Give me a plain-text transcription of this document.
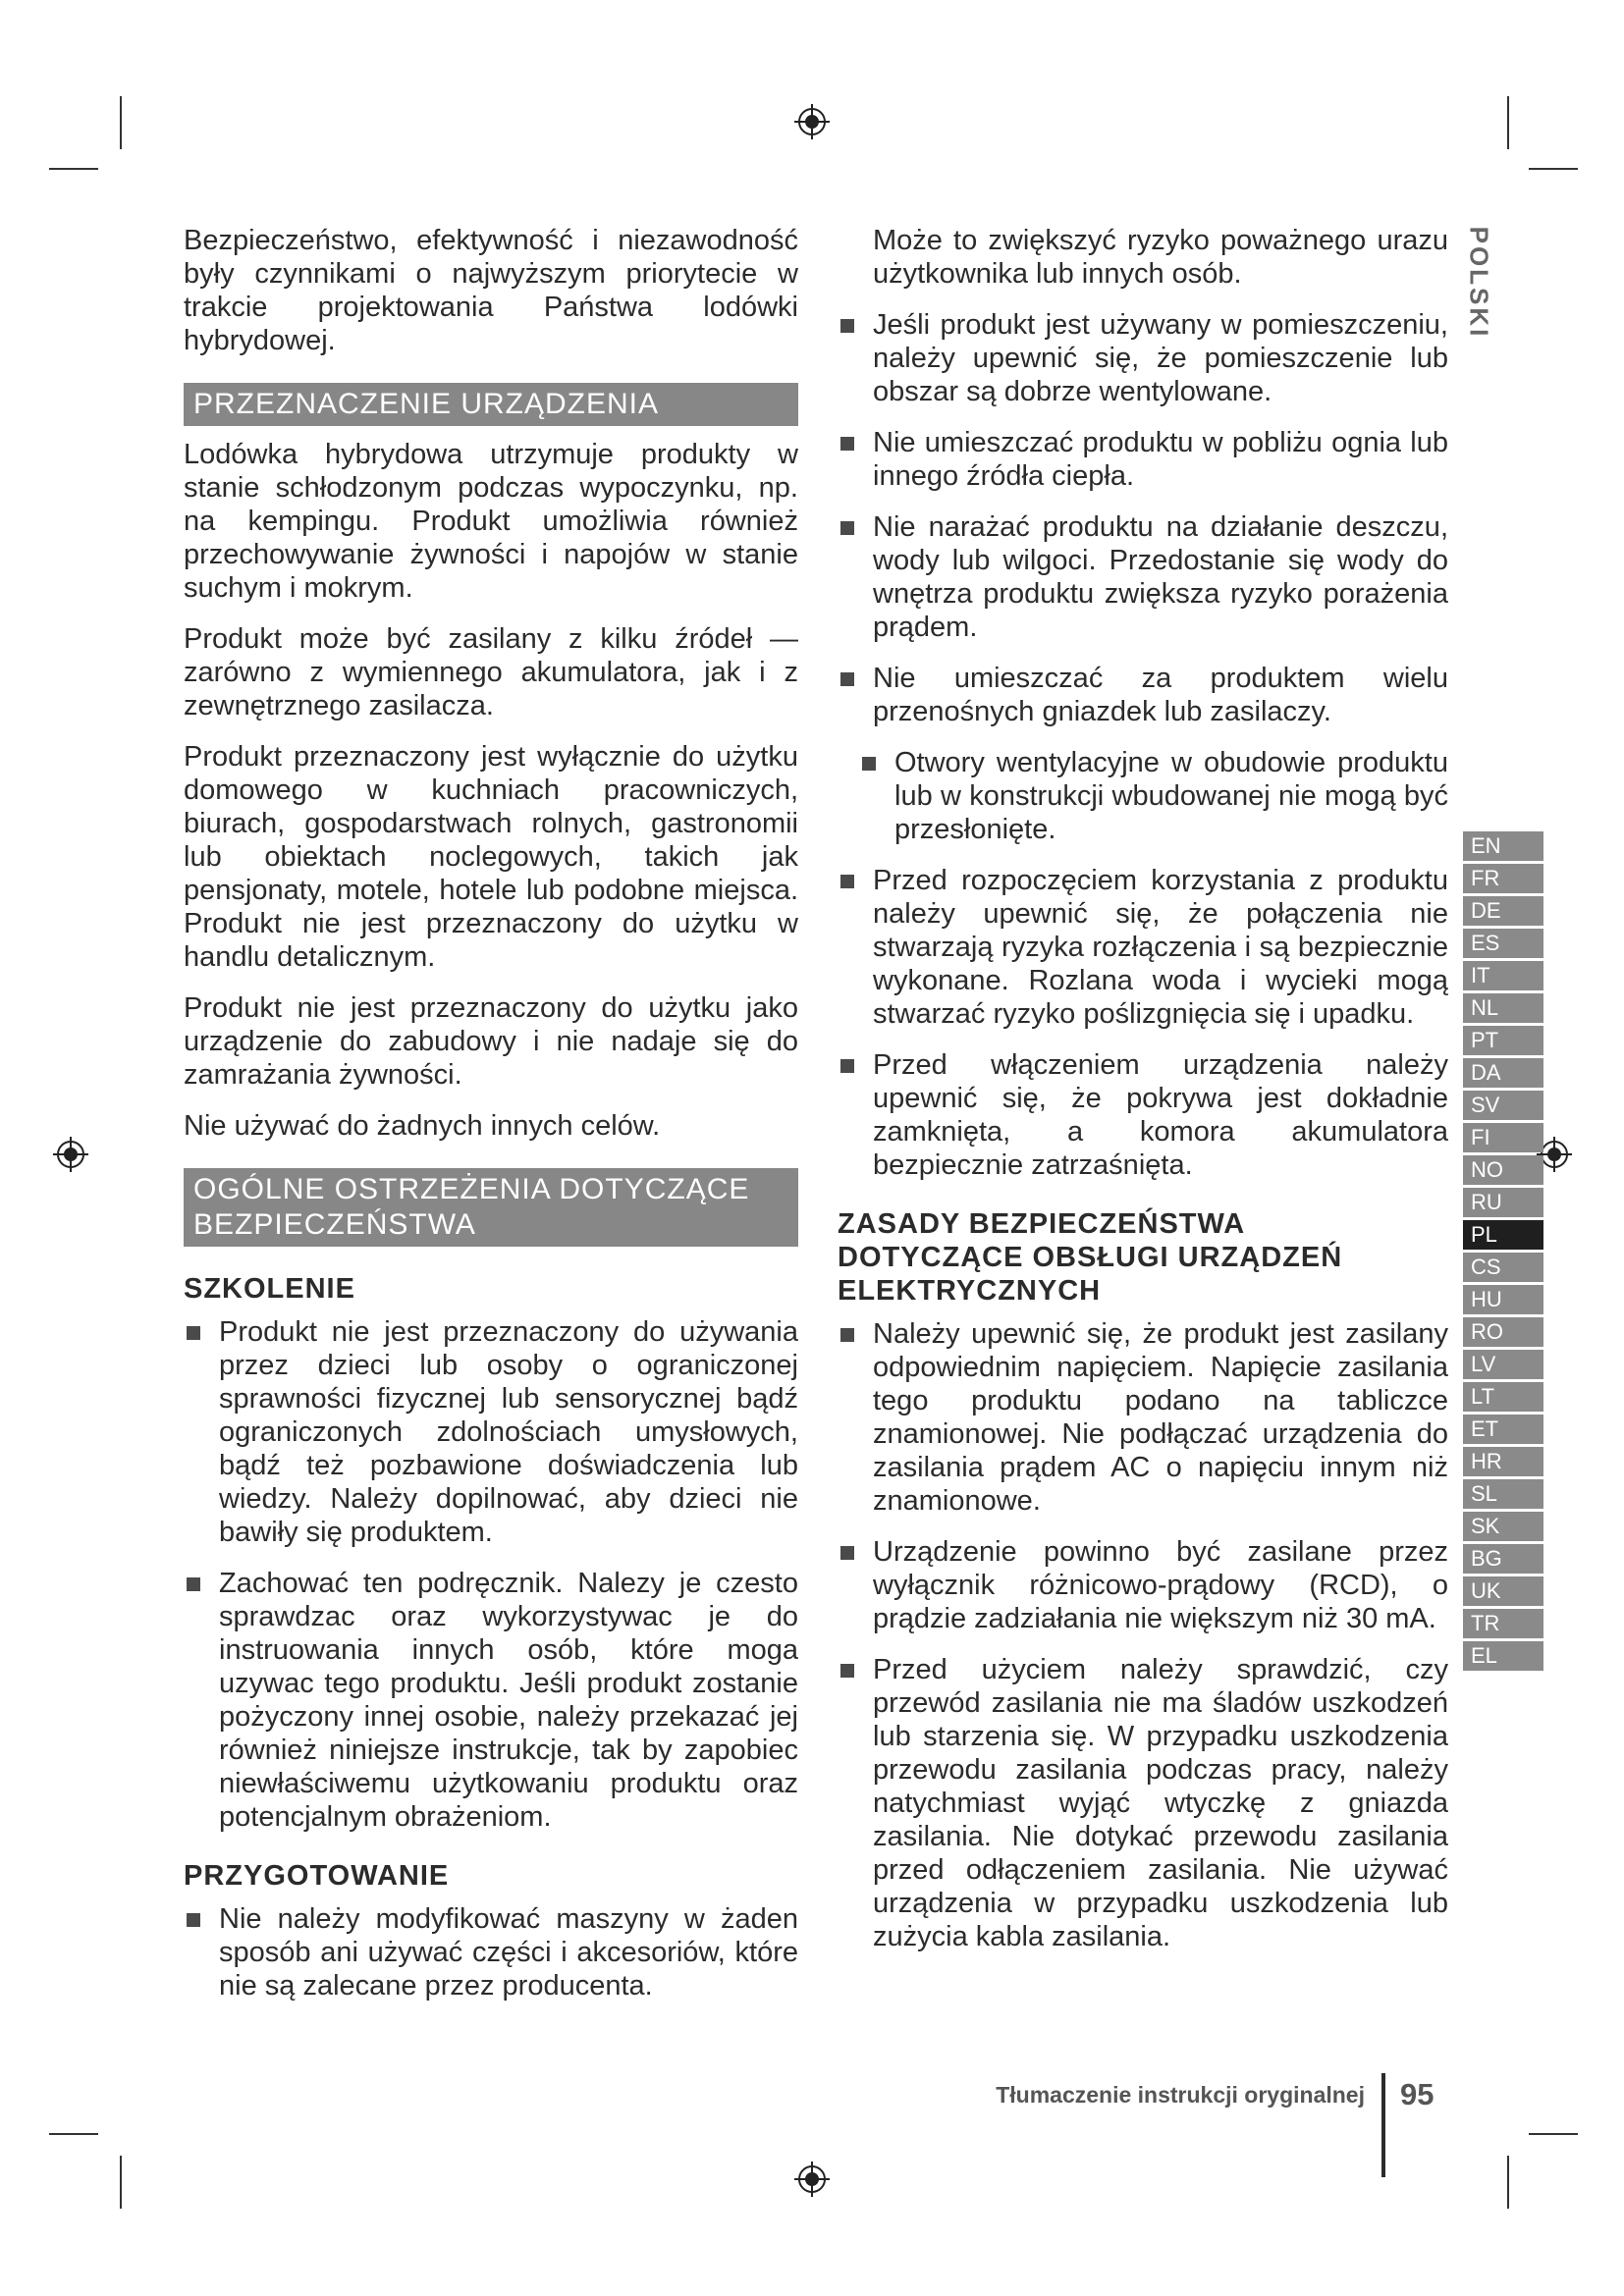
POLSKI

Bezpieczeństwo, efektywność i niezawodność były czynnikami o najwyższym priorytecie w trakcie projektowania Państwa lodówki hybrydowej.

PRZEZNACZENIE URZĄDZENIA

Lodówka hybrydowa utrzymuje produkty w stanie schłodzonym podczas wypoczynku, np. na kempingu. Produkt umożliwia również przechowywanie żywności i napojów w stanie suchym i mokrym.

Produkt może być zasilany z kilku źródeł — zarówno z wymiennego akumulatora, jak i z zewnętrznego zasilacza.

Produkt przeznaczony jest wyłącznie do użytku domowego w kuchniach pracowniczych, biurach, gospodarstwach rolnych, gastronomii lub obiektach noclegowych, takich jak pensjonaty, motele, hotele lub podobne miejsca. Produkt nie jest przeznaczony do użytku w handlu detalicznym.

Produkt nie jest przeznaczony do użytku jako urządzenie do zabudowy i nie nadaje się do zamrażania żywności.

Nie używać do żadnych innych celów.

OGÓLNE OSTRZEŻENIA DOTYCZĄCE
BEZPIECZEŃSTWA
SZKOLENIE
Produkt nie jest przeznaczony do używania przez dzieci lub osoby o ograniczonej sprawności fizycznej lub sensorycznej bądź ograniczonych zdolnościach umysłowych, bądź też pozbawione doświadczenia lub wiedzy. Należy dopilnować, aby dzieci nie bawiły się produktem.
Zachować ten podręcznik. Nalezy je czesto sprawdzac oraz wykorzystywac je do instruowania innych osób, które moga uzywac tego produktu. Jeśli produkt zostanie pożyczony innej osobie, należy przekazać jej również niniejsze instrukcje, tak by zapobiec niewłaściwemu użytkowaniu produktu oraz potencjalnym obrażeniom.
PRZYGOTOWANIE
Nie należy modyfikować maszyny w żaden sposób ani używać części i akcesoriów, które nie są zalecane przez producenta.

Może to zwiększyć ryzyko poważnego urazu użytkownika lub innych osób.

Jeśli produkt jest używany w pomieszczeniu, należy upewnić się, że pomieszczenie lub obszar są dobrze wentylowane.
Nie umieszczać produktu w pobliżu ognia lub innego źródła ciepła.
Nie narażać produktu na działanie deszczu, wody lub wilgoci. Przedostanie się wody do wnętrza produktu zwiększa ryzyko porażenia prądem.
Nie umieszczać za produktem wielu przenośnych gniazdek lub zasilaczy.
Otwory wentylacyjne w obudowie produktu lub w konstrukcji wbudowanej nie mogą być przesłonięte.
Przed rozpoczęciem korzystania z produktu należy upewnić się, że połączenia nie stwarzają ryzyka rozłączenia i są bezpiecznie wykonane. Rozlana woda i wycieki mogą stwarzać ryzyko poślizgnięcia się i upadku.
Przed włączeniem urządzenia należy upewnić się, że pokrywa jest dokładnie zamknięta, a komora akumulatora bezpiecznie zatrzaśnięta.
ZASADY BEZPIECZEŃSTWA
DOTYCZĄCE OBSŁUGI URZĄDZEŃ
ELEKTRYCZNYCH
Należy upewnić się, że produkt jest zasilany odpowiednim napięciem. Napięcie zasilania tego produktu podano na tabliczce znamionowej. Nie podłączać urządzenia do zasilania prądem AC o napięciu innym niż znamionowe.
Urządzenie powinno być zasilane przez wyłącznik różnicowo-prądowy (RCD), o prądzie zadziałania nie większym niż 30 mA.
Przed użyciem należy sprawdzić, czy przewód zasilania nie ma śladów uszkodzeń lub starzenia się. W przypadku uszkodzenia przewodu zasilania podczas pracy, należy natychmiast wyjąć wtyczkę z gniazda zasilania. Nie dotykać przewodu zasilania przed odłączeniem zasilania. Nie używać urządzenia w przypadku uszkodzenia lub zużycia kabla zasilania.
EN
FR
DE
ES
IT
NL
PT
DA
SV
FI
NO
RU
PL
CS
HU
RO
LV
LT
ET
HR
SL
SK
BG
UK
TR
EL
Tłumaczenie instrukcji oryginalnej 95
